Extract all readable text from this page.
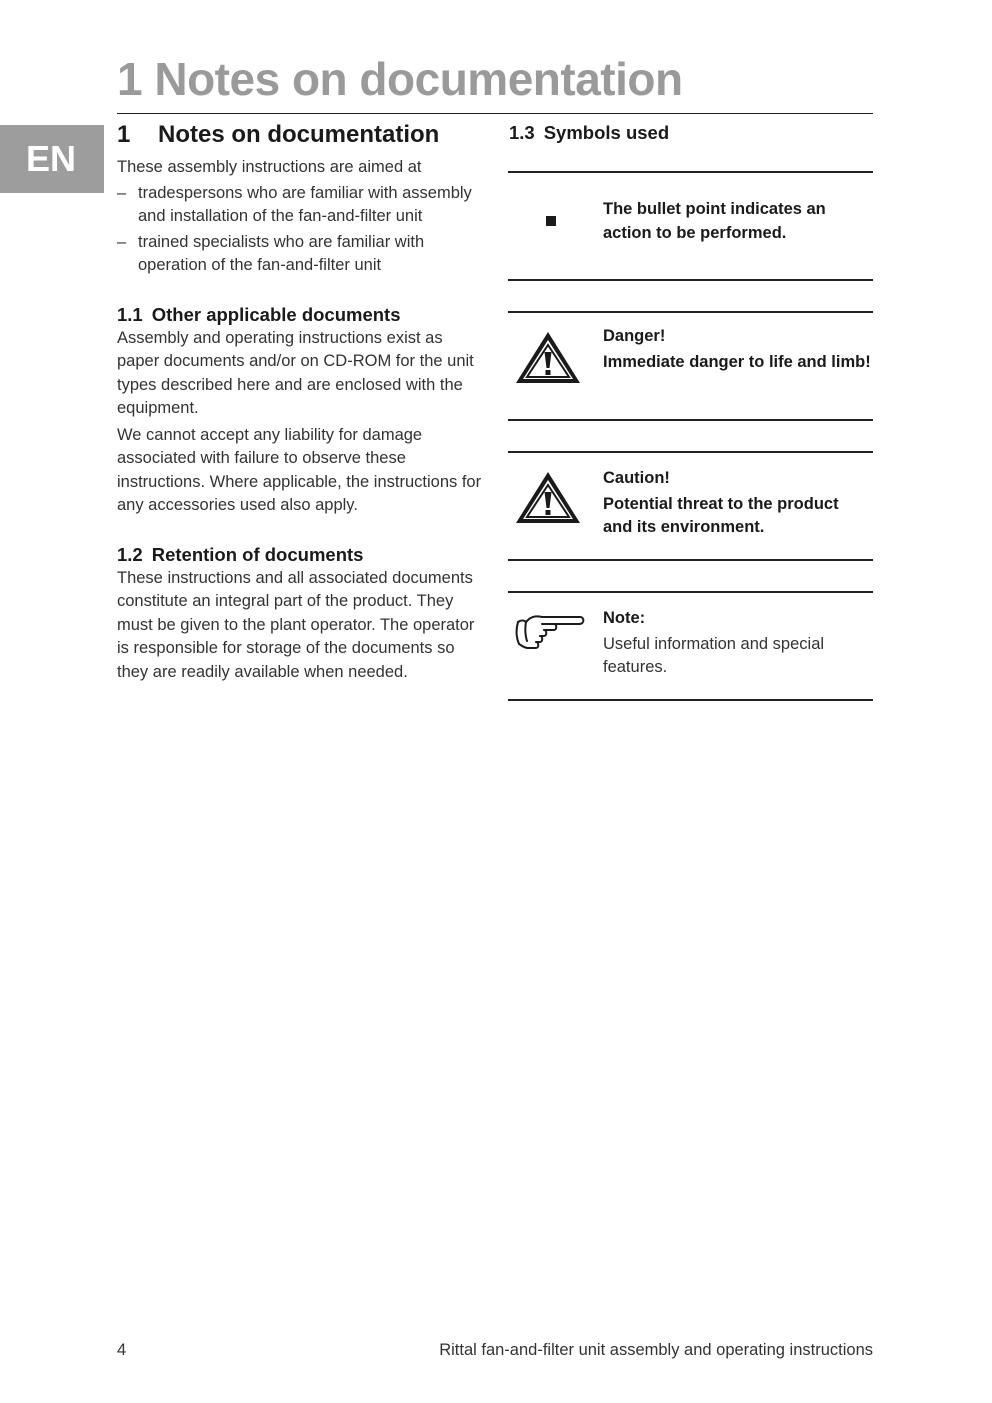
1 Notes on documentation
EN
1 Notes on documentation

These assembly instructions are aimed at

– tradespersons who are familiar with assembly and installation of the fan-and-filter unit
– trained specialists who are familiar with operation of the fan-and-filter unit
1.1 Other applicable documents

Assembly and operating instructions exist as paper documents and/or on CD-ROM for the unit types described here and are enclosed with the equipment.

We cannot accept any liability for damage associated with failure to observe these instructions. Where applicable, the instructions for any accessories used also apply.

1.2 Retention of documents

These instructions and all associated documents constitute an integral part of the product. They must be given to the plant operator. The operator is responsible for storage of the documents so they are readily available when needed.

1.3 Symbols used
The bullet point indicates an action to be performed.
Danger!
Immediate danger to life and limb!
Caution!
Potential threat to the product and its environment.
Note:
Useful information and special features.
4	Rittal fan-and-filter unit assembly and operating instructions
